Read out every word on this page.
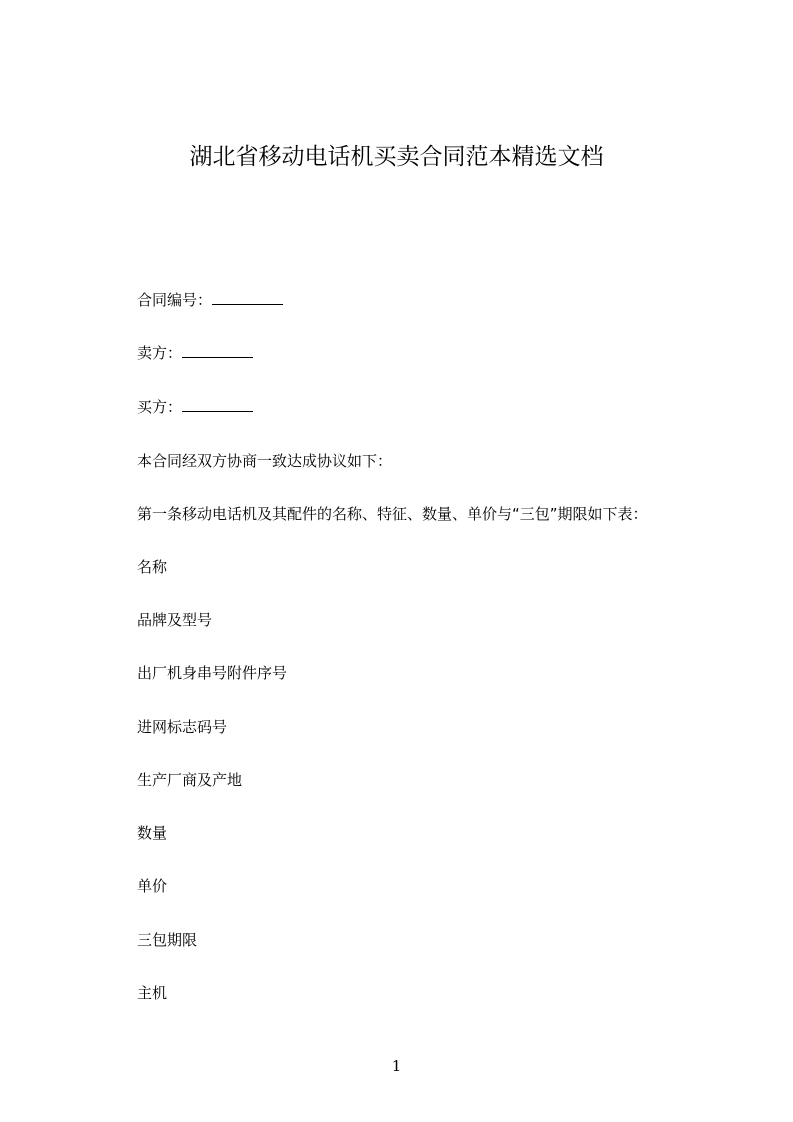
湖北省移动电话机买卖合同范本精选文档
合同编号：
卖方：
买方：
本合同经双方协商一致达成协议如下：
第一条移动电话机及其配件的名称、特征、数量、单价与“三包”期限如下表：
名称
品牌及型号
出厂机身串号附件序号
进网标志码号
生产厂商及产地
数量
单价
三包期限
主机
1
